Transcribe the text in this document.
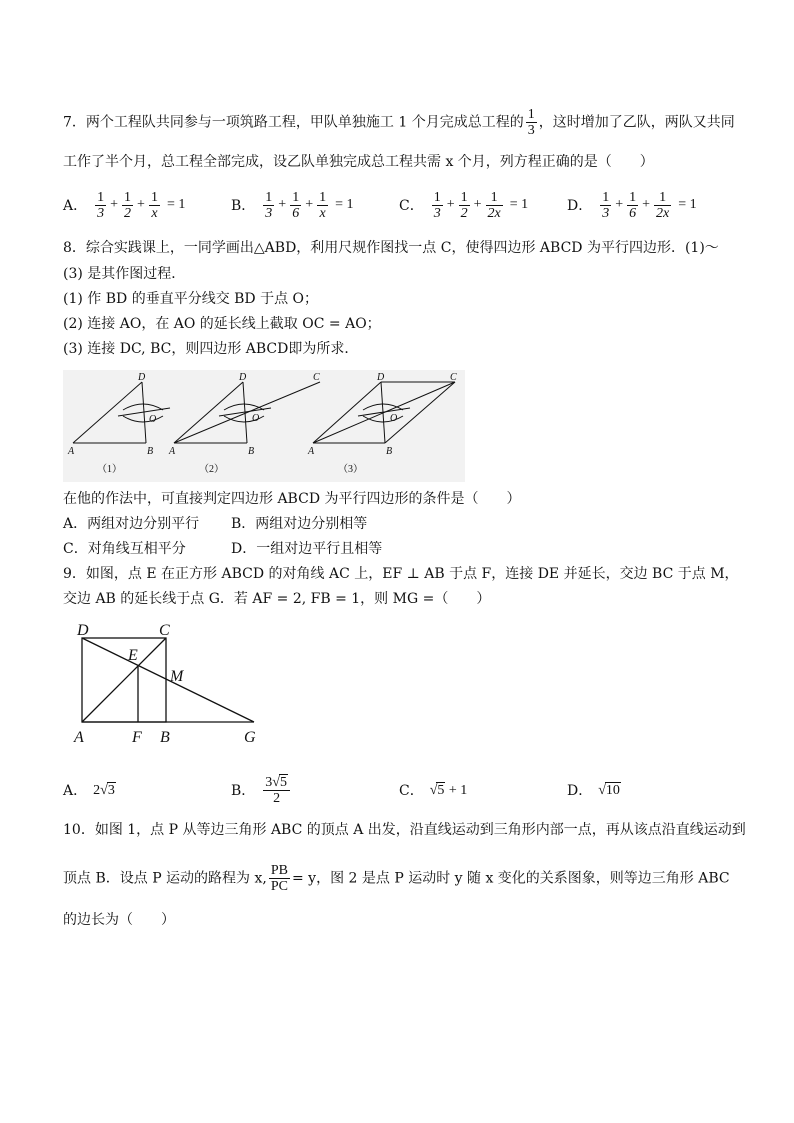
7．两个工程队共同参与一项筑路工程，甲队单独施工 1 个月完成总工程的 $\frac{1}{3}$ ，这时增加了乙队，两队又共同
工作了半个月，总工程全部完成，设乙队单独完成总工程共需 x 个月，列方程正确的是（　　）
A． $\frac{1}{3} + \frac{1}{2} + \frac{1}{x} = 1$	B． $\frac{1}{3} + \frac{1}{6} + \frac{1}{x} = 1$	C． $\frac{1}{3} + \frac{1}{2} + \frac{1}{2x} = 1$	D． $\frac{1}{3} + \frac{1}{6} + \frac{1}{2x} = 1$
8．综合实践课上，一同学画出△ABD，利用尺规作图找一点 C，使得四边形 ABCD 为平行四边形．(1)～
(3) 是其作图过程．
(1) 作 BD 的垂直平分线交 BD 于点 O；
(2) 连接 AO，在 AO 的延长线上截取 OC = AO；
(3) 连接 DC, BC，则四边形 ABCD即为所求．
D
O
A	B
D
O
C
A	B
D
O
C
A	B
（1）	（2）	（3）
在他的作法中，可直接判定四边形 ABCD 为平行四边形的条件是（　　）
A．两组对边分别平行 B．两组对边分别相等
C．对角线互相平分	D．一组对边平行且相等
9．如图，点 E 在正方形 ABCD 的对角线 AC 上，EF ⊥ AB 于点 F，连接 DE 并延长，交边 BC 于点 M，
交边 AB 的延长线于点 G．若 AF = 2, FB = 1，则 MG =（　　）
D	C
E
M
A	F B	G
A． 2√3	B． $\frac{3√5}{2}$	C． √5 + 1	D． √10
10．如图 1，点 P 从等边三角形 ABC 的顶点 A 出发，沿直线运动到三角形内部一点，再从该点沿直线运动到
顶点 B．设点 P 运动的路程为 x, $\frac{PB}{PC} = y$，图 2 是点 P 运动时 y 随 x 变化的关系图象，则等边三角形 ABC
的边长为（　　）
